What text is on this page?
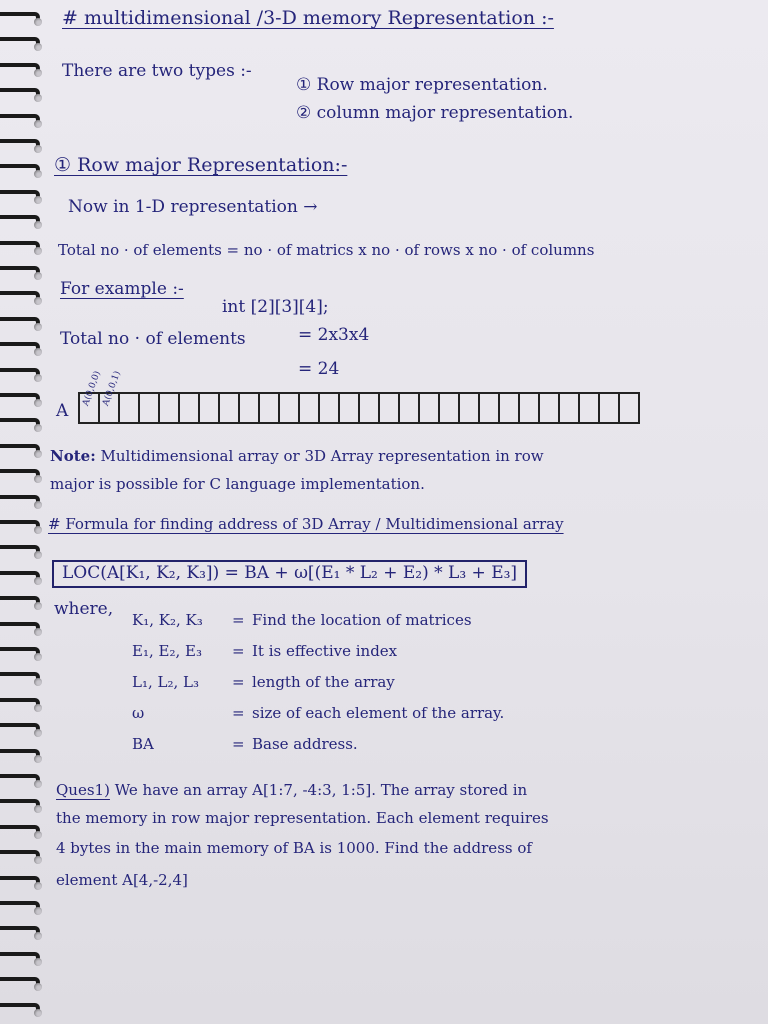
# multidimensional /3-D memory Representation :-
There are two types :-
① Row major representation.
② column major representation.
① Row major Representation:-
Now in 1-D representation →
Total no · of elements = no · of matrics x no · of rows x no · of columns
For example :-
int [2][3][4];
Total no · of elements	= 2x3x4
= 24
A
A(0,0,0)
A(0,0,1)
Note: Multidimensional array or 3D Array representation in row
major is possible for C language implementation.
# Formula for finding address of 3D Array / Multidimensional array
LOC(A[K₁, K₂, K₃]) = BA + ω[(E₁ * L₂ + E₂) * L₃ + E₃]
where,
K₁, K₂, K₃ = Find the location of matrices
E₁, E₂, E₃ = It is effective index
L₁, L₂, L₃ = length of the array
ω	= size of each element of the array.
BA	= Base address.
Ques1) We have an array A[1:7, -4:3, 1:5]. The array stored in
the memory in row major representation. Each element requires
4 bytes in the main memory of BA is 1000. Find the address of
element A[4,-2,4]
